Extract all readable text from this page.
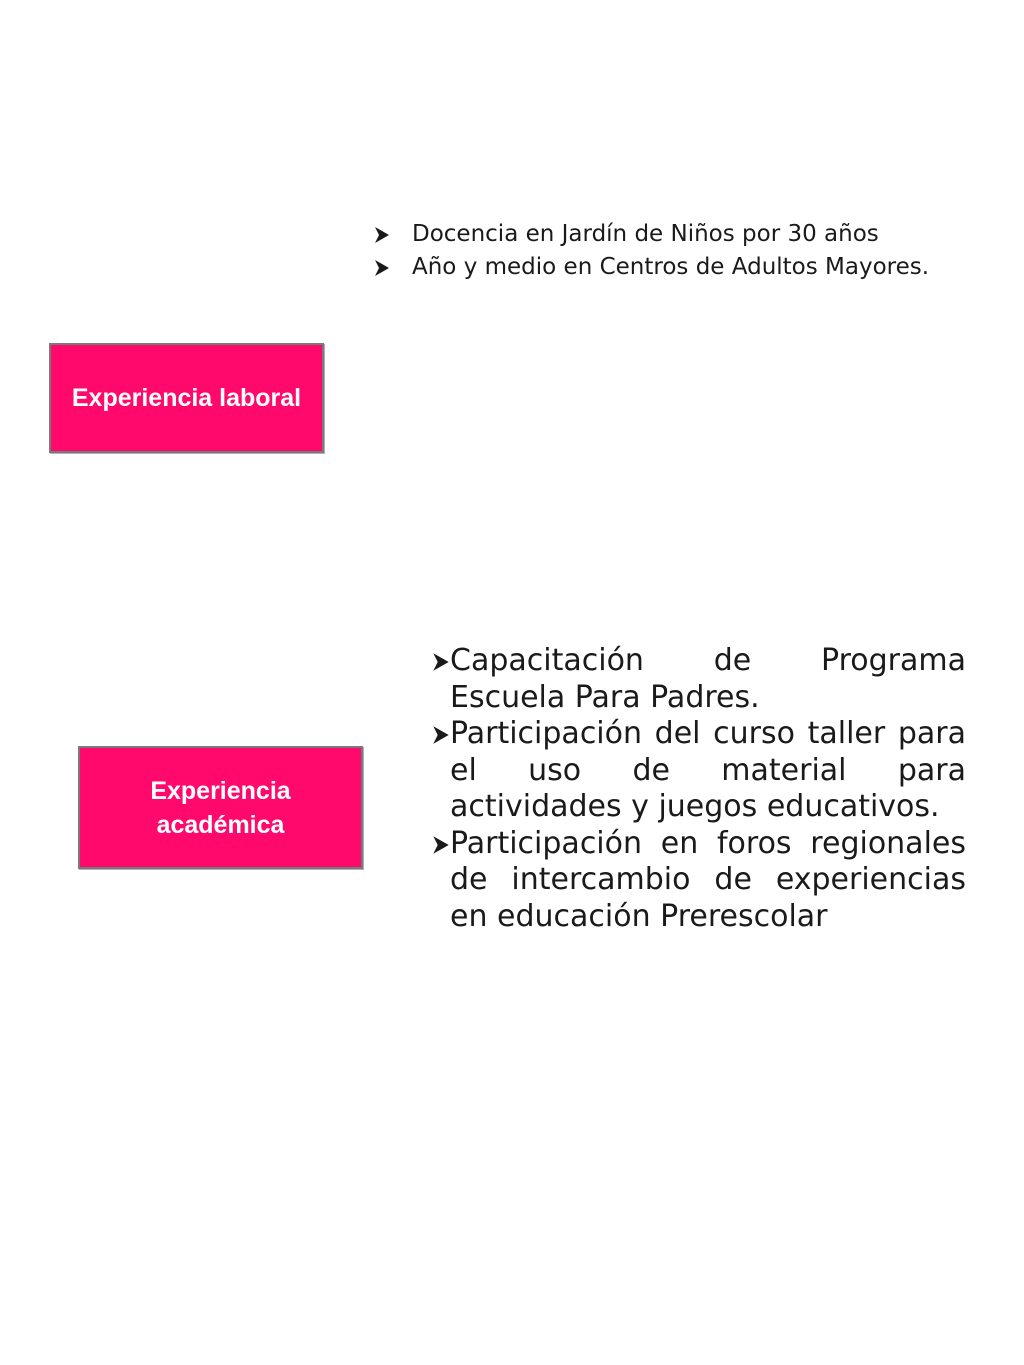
Experiencia laboral
Docencia en Jardín de Niños por 30 años
Año y medio en Centros de Adultos Mayores.
Experiencia académica
Capacitación de Programa Escuela Para Padres.
Participación del curso taller para el uso de material para actividades y juegos educativos.
Participación en foros regionales de intercambio de experiencias en educación Prerescolar
